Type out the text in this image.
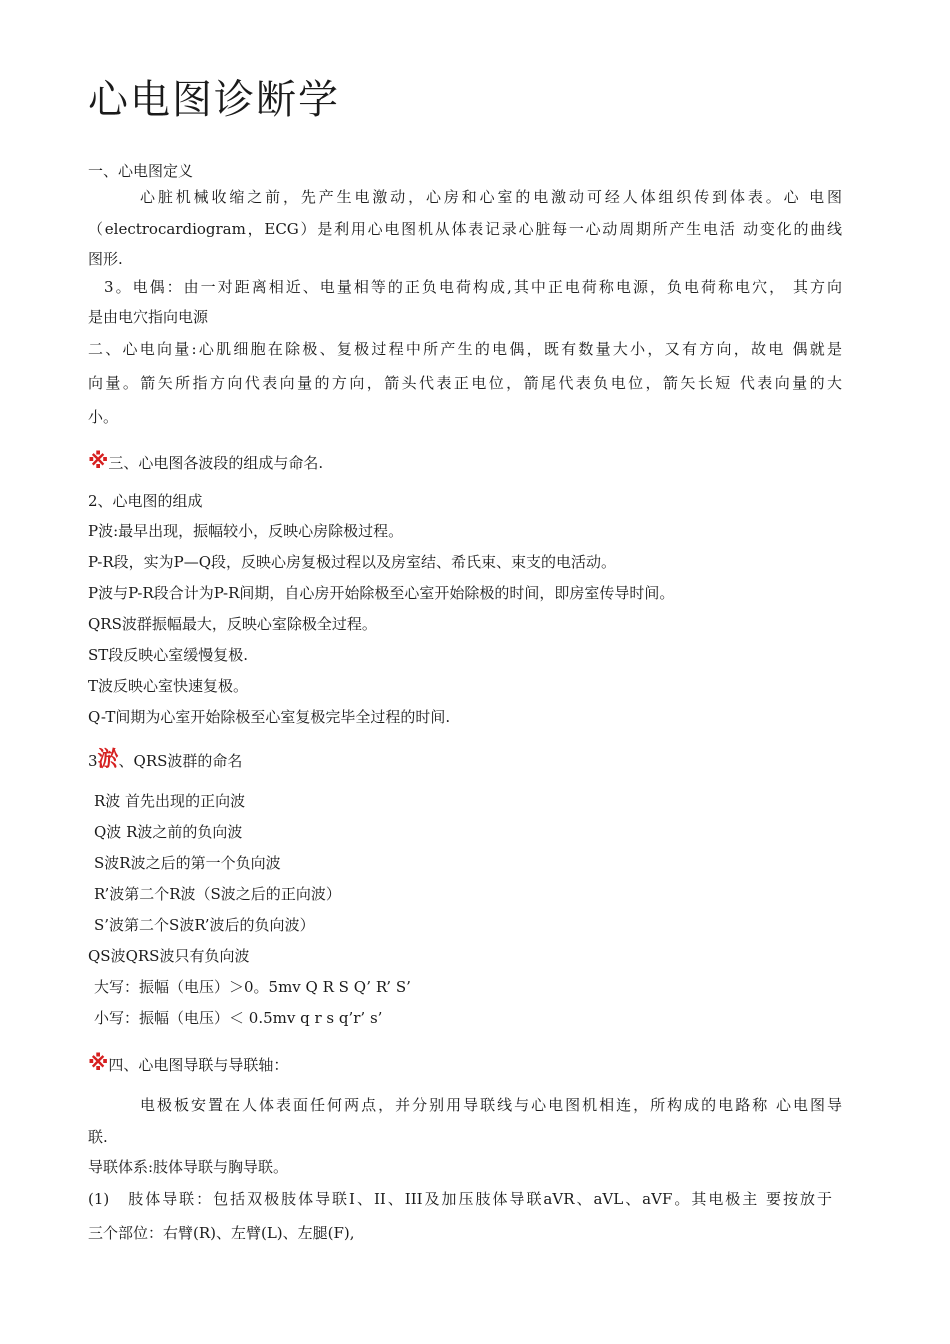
心电图诊断学
一、心电图定义
心脏机械收缩之前，先产生电激动，心房和心室的电激动可经人体组织传到体表。心 电图
（electrocardiogram，ECG）是利用心电图机从体表记录心脏每一心动周期所产生电活 动变化的曲线
图形.
3。电偶：由一对距离相近、电量相等的正负电荷构成,其中正电荷称电源，负电荷称电穴， 其方向
是由电穴指向电源
二、心电向量:心肌细胞在除极、复极过程中所产生的电偶，既有数量大小，又有方向，故电 偶就是
向量。箭矢所指方向代表向量的方向，箭头代表正电位，箭尾代表负电位，箭矢长短 代表向量的大
小。
※三、心电图各波段的组成与命名.
2、心电图的组成
P波:最早出现，振幅较小，反映心房除极过程。
P-R段，实为P—Q段，反映心房复极过程以及房室结、希氏束、束支的电活动。
P波与P-R段合计为P-R间期，自心房开始除极至心室开始除极的时间，即房室传导时间。
QRS波群振幅最大，反映心室除极全过程。
ST段反映心室缓慢复极.
T波反映心室快速复极。
Q-T间期为心室开始除极至心室复极完毕全过程的时间.
3淤、QRS波群的命名
R波 首先出现的正向波
Q波 R波之前的负向波
S波R波之后的第一个负向波
R’波第二个R波（S波之后的正向波）
S’波第二个S波R’波后的负向波）
QS波QRS波只有负向波
大写：振幅（电压）＞0。5mv Q R S Q’ R’ S’
小写：振幅（电压）＜ 0.5mv q r s q’r’ s’
※四、心电图导联与导联轴：
电极板安置在人体表面任何两点，并分别用导联线与心电图机相连，所构成的电路称 心电图导
联.
导联体系:肢体导联与胸导联。
(1)　肢体导联：包括双极肢体导联I、II、III及加压肢体导联aVR、aVL、aVF。其电极主 要按放于
三个部位：右臂(R)、左臂(L)、左腿(F),
